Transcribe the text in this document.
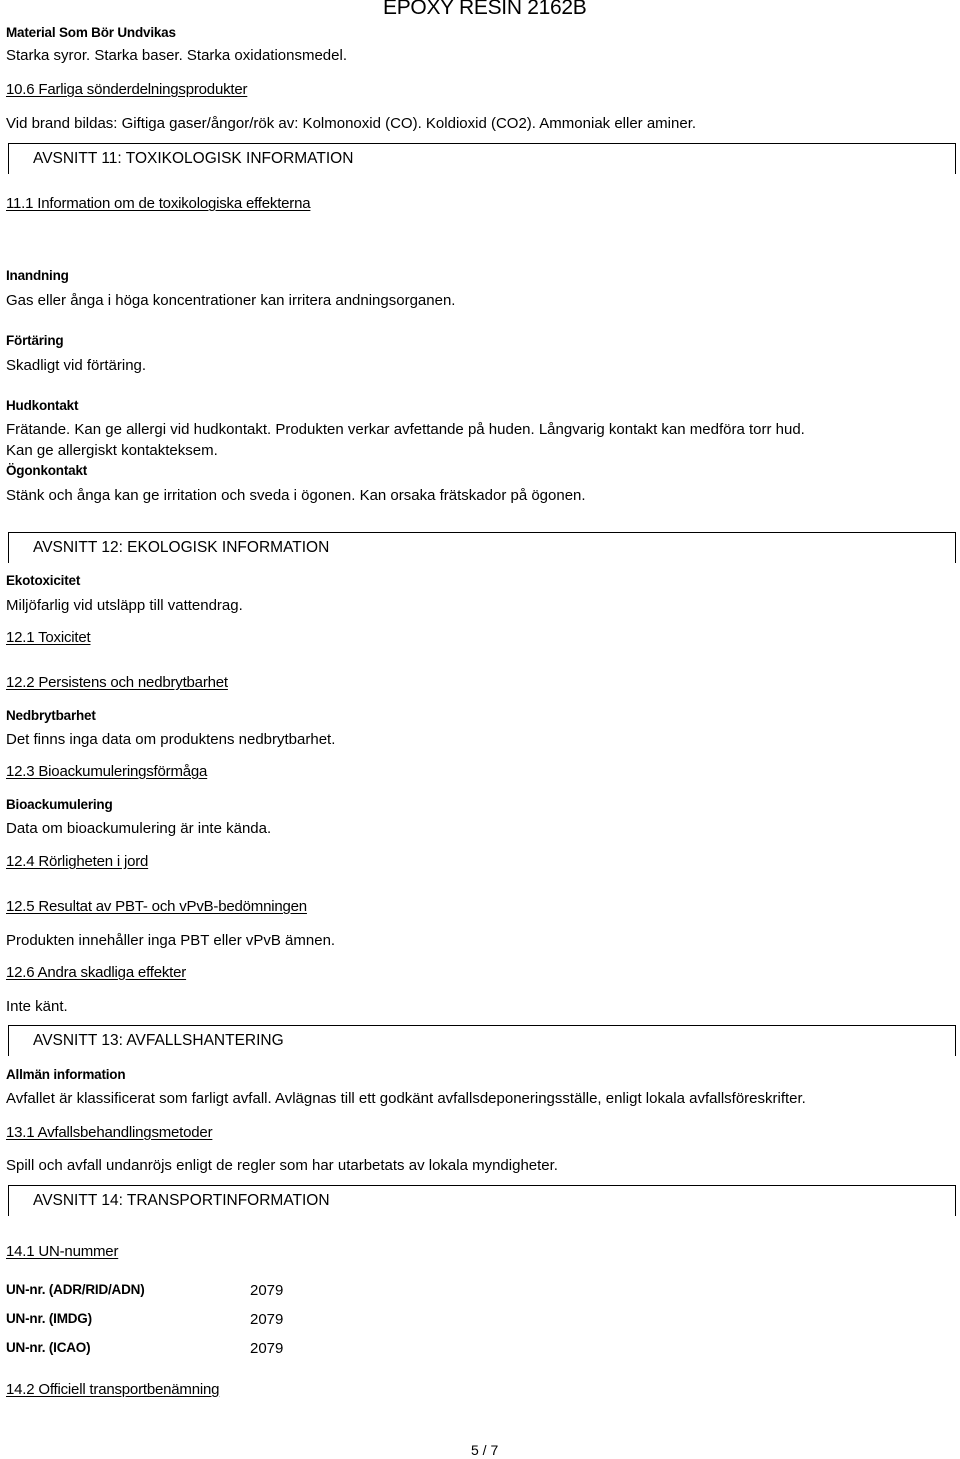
EPOXY RESIN 2162B
Material Som Bör Undvikas
Starka syror. Starka baser. Starka oxidationsmedel.
10.6 Farliga sönderdelningsprodukter
Vid brand bildas: Giftiga gaser/ångor/rök av: Kolmonoxid (CO). Koldioxid (CO2). Ammoniak eller aminer.
AVSNITT 11: TOXIKOLOGISK INFORMATION
11.1 Information om de toxikologiska effekterna
Inandning
Gas eller ånga i höga koncentrationer kan irritera andningsorganen.
Förtäring
Skadligt vid förtäring.
Hudkontakt
Frätande. Kan ge allergi vid hudkontakt. Produkten verkar avfettande på huden. Långvarig kontakt kan medföra torr hud.
Kan ge allergiskt kontakteksem.
Ögonkontakt
Stänk och ånga kan ge irritation och sveda i ögonen. Kan orsaka frätskador på ögonen.
AVSNITT 12: EKOLOGISK INFORMATION
Ekotoxicitet
Miljöfarlig vid utsläpp till vattendrag.
12.1 Toxicitet
12.2 Persistens och nedbrytbarhet
Nedbrytbarhet
Det finns inga data om produktens nedbrytbarhet.
12.3 Bioackumuleringsförmåga
Bioackumulering
Data om bioackumulering är inte kända.
12.4 Rörligheten i jord
12.5 Resultat av PBT- och vPvB-bedömningen
Produkten innehåller inga PBT eller vPvB ämnen.
12.6 Andra skadliga effekter
Inte känt.
AVSNITT 13: AVFALLSHANTERING
Allmän information
Avfallet är klassificerat som farligt avfall. Avlägnas till ett godkänt avfallsdeponeringsställe, enligt lokala avfallsföreskrifter.
13.1 Avfallsbehandlingsmetoder
Spill och avfall undanröjs enligt de regler som har utarbetats av lokala myndigheter.
AVSNITT 14: TRANSPORTINFORMATION
14.1 UN-nummer
UN-nr. (ADR/RID/ADN)	2079
UN-nr. (IMDG)	2079
UN-nr. (ICAO)	2079
14.2 Officiell transportbenämning
5 / 7
